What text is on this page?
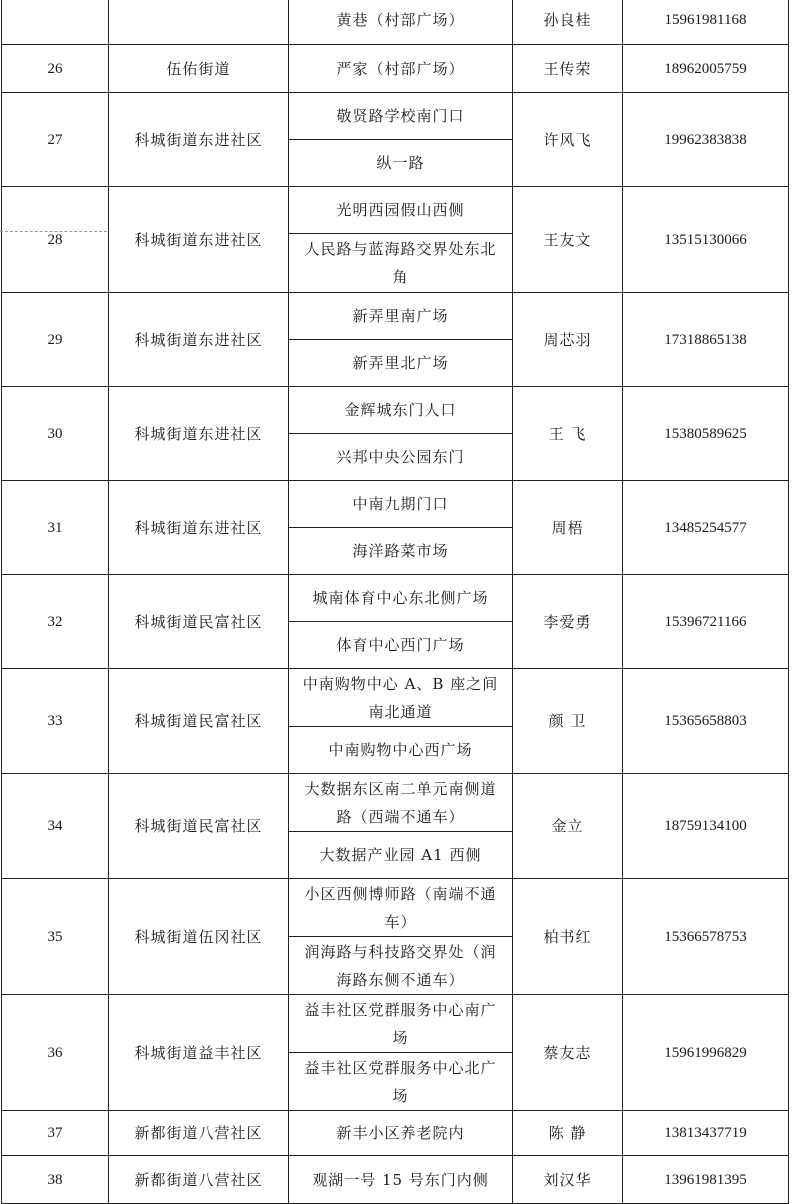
		黄巷（村部广场）	孙良桂	15961981168
26	伍佑街道	严家（村部广场）	王传荣	18962005759
27	科城街道东进社区	敬贤路学校南门口	许风飞	19962383838
		纵一路		
28	科城街道东进社区	光明西园假山西侧	王友文	13515130066
		人民路与蓝海路交界处东北角		
29	科城街道东进社区	新弄里南广场	周芯羽	17318865138
		新弄里北广场		
30	科城街道东进社区	金辉城东门人口	王 飞	15380589625
		兴邦中央公园东门		
31	科城街道东进社区	中南九期门口	周梧	13485254577
		海洋路菜市场		
32	科城街道民富社区	城南体育中心东北侧广场	李爱勇	15396721166
		体育中心西门广场		
33	科城街道民富社区	中南购物中心 A、B 座之间南北通道	颜 卫	15365658803
		中南购物中心西广场		
34	科城街道民富社区	大数据东区南二单元南侧道路（西端不通车）	金立	18759134100
		大数据产业园 A1 西侧		
35	科城街道伍冈社区	小区西侧博师路（南端不通车）	柏书红	15366578753
		润海路与科技路交界处（润海路东侧不通车）		
36	科城街道益丰社区	益丰社区党群服务中心南广场	蔡友志	15961996829
		益丰社区党群服务中心北广场		
37	新都街道八营社区	新丰小区养老院内	陈 静	13813437719
38	新都街道八营社区	观湖一号 15 号东门内侧	刘汉华	13961981395
